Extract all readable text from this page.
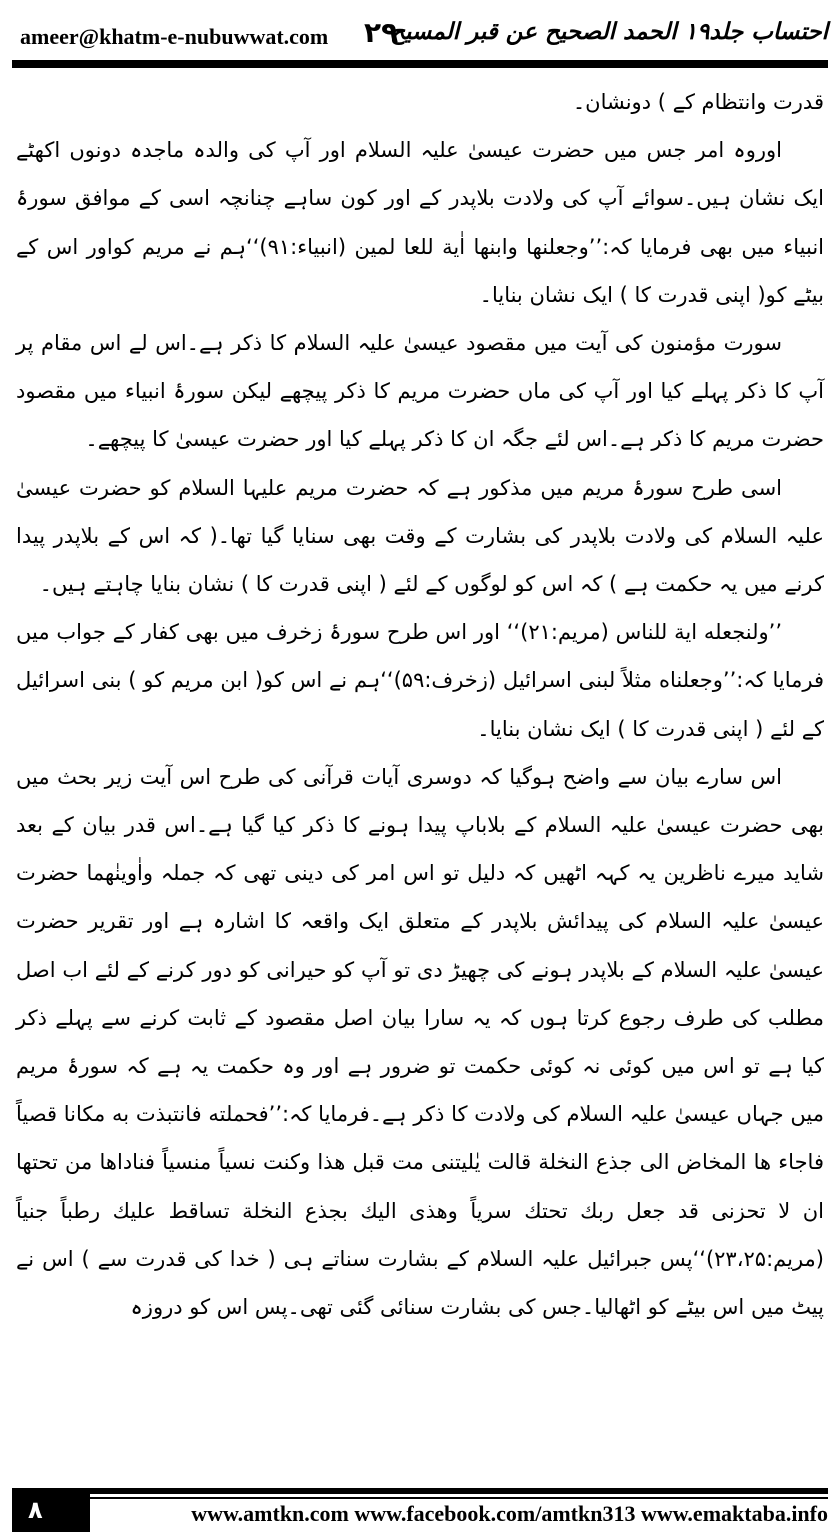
ameer@khatm-e-nubuwwat.com ۲۹
احتساب جلد۱۹ الحمد الصحیح عن قبر المسیح

قدرت وانتظام کے ) دونشان۔

اوروہ امر جس میں حضرت عیسیٰ علیہ السلام اور آپ کی والدہ ماجدہ دونوں اکھٹے ایک نشان ہیں۔سوائے آپ کی ولادت بلاپدر کے اور کون ساہے چنانچہ اسی کے موافق سورۂ انبیاء میں بھی فرمایا کہ:’’وجعلنها وابنها اٰية للعا لمين (انبياء:۹۱)‘‘ہم نے مریم کواور اس کے بیٹے کو( اپنی قدرت کا ) ایک نشان بنایا۔

سورت مؤمنون کی آیت میں مقصود عیسیٰ علیہ السلام کا ذکر ہے۔اس لے اس مقام پر آپ کا ذکر پہلے کیا اور آپ کی ماں حضرت مریم کا ذکر پیچھے لیکن سورۂ انبیاء میں مقصود حضرت مریم کا ذکر ہے۔اس لئے جگہ ان کا ذکر پہلے کیا اور حضرت عیسیٰ کا پیچھے۔

اسی طرح سورۂ مریم میں مذکور ہے کہ حضرت مریم علیہا السلام کو حضرت عیسیٰ علیہ السلام کی ولادت بلاپدر کی بشارت کے وقت بھی سنایا گیا تھا۔( کہ اس کے بلاپدر پیدا کرنے میں یہ حکمت ہے ) کہ اس کو لوگوں کے لئے ( اپنی قدرت کا ) نشان بنایا چاہتے ہیں۔

’’ولنجعله اية للناس (مريم:۲۱)‘‘ اور اس طرح سورۂ زخرف میں بھی کفار کے جواب میں فرمایا کہ:’’وجعلناه مثلاً لبنی اسرائيل (زخرف:۵۹)‘‘ہم نے اس کو( ابن مریم کو ) بنی اسرائیل کے لئے ( اپنی قدرت کا ) ایک نشان بنایا۔

اس سارے بیان سے واضح ہوگیا کہ دوسری آیات قرآنی کی طرح اس آیت زیر بحث میں بھی حضرت عیسیٰ علیہ السلام کے بلاباپ پیدا ہونے کا ذکر کیا گیا ہے۔اس قدر بیان کے بعد شاید میرے ناظرین یہ کہہ اٹھیں کہ دلیل تو اس امر کی دینی تھی کہ جملہ واٰوینٰهما حضرت عیسیٰ علیہ السلام کی پیدائش بلاپدر کے متعلق ایک واقعہ کا اشارہ ہے اور تقریر حضرت عیسیٰ علیہ السلام کے بلاپدر ہونے کی چھیڑ دی تو آپ کو حیرانی کو دور کرنے کے لئے اب اصل مطلب کی طرف رجوع کرتا ہوں کہ یہ سارا بیان اصل مقصود کے ثابت کرنے سے پہلے ذکر کیا ہے تو اس میں کوئی نہ کوئی حکمت تو ضرور ہے اور وہ حکمت یہ ہے کہ سورۂ مریم میں جہاں عیسیٰ علیہ السلام کی ولادت کا ذکر ہے۔فرمایا کہ:’’فحملته فانتبذت به مكانا قصياً فاجاء ها المخاض الى جذع النخلة قالت يٰليتنى مت قبل هذا وكنت نسياً منسياً فناداها من تحتها ان لا تحزنى قد جعل ربك تحتك سرياً وهذى اليك بجذع النخلة تساقط عليك رطباً جنياً (مريم:۲۳،۲۵)‘‘پس جبرائیل علیہ السلام کے بشارت سناتے ہی ( خدا کی قدرت سے ) اس نے پیٹ میں اس بیٹے کو اٹھالیا۔جس کی بشارت سنائی گئی تھی۔پس اس کو دروزہ

۸	www.amtkn.com www.facebook.com/amtkn313 www.emaktaba.info
